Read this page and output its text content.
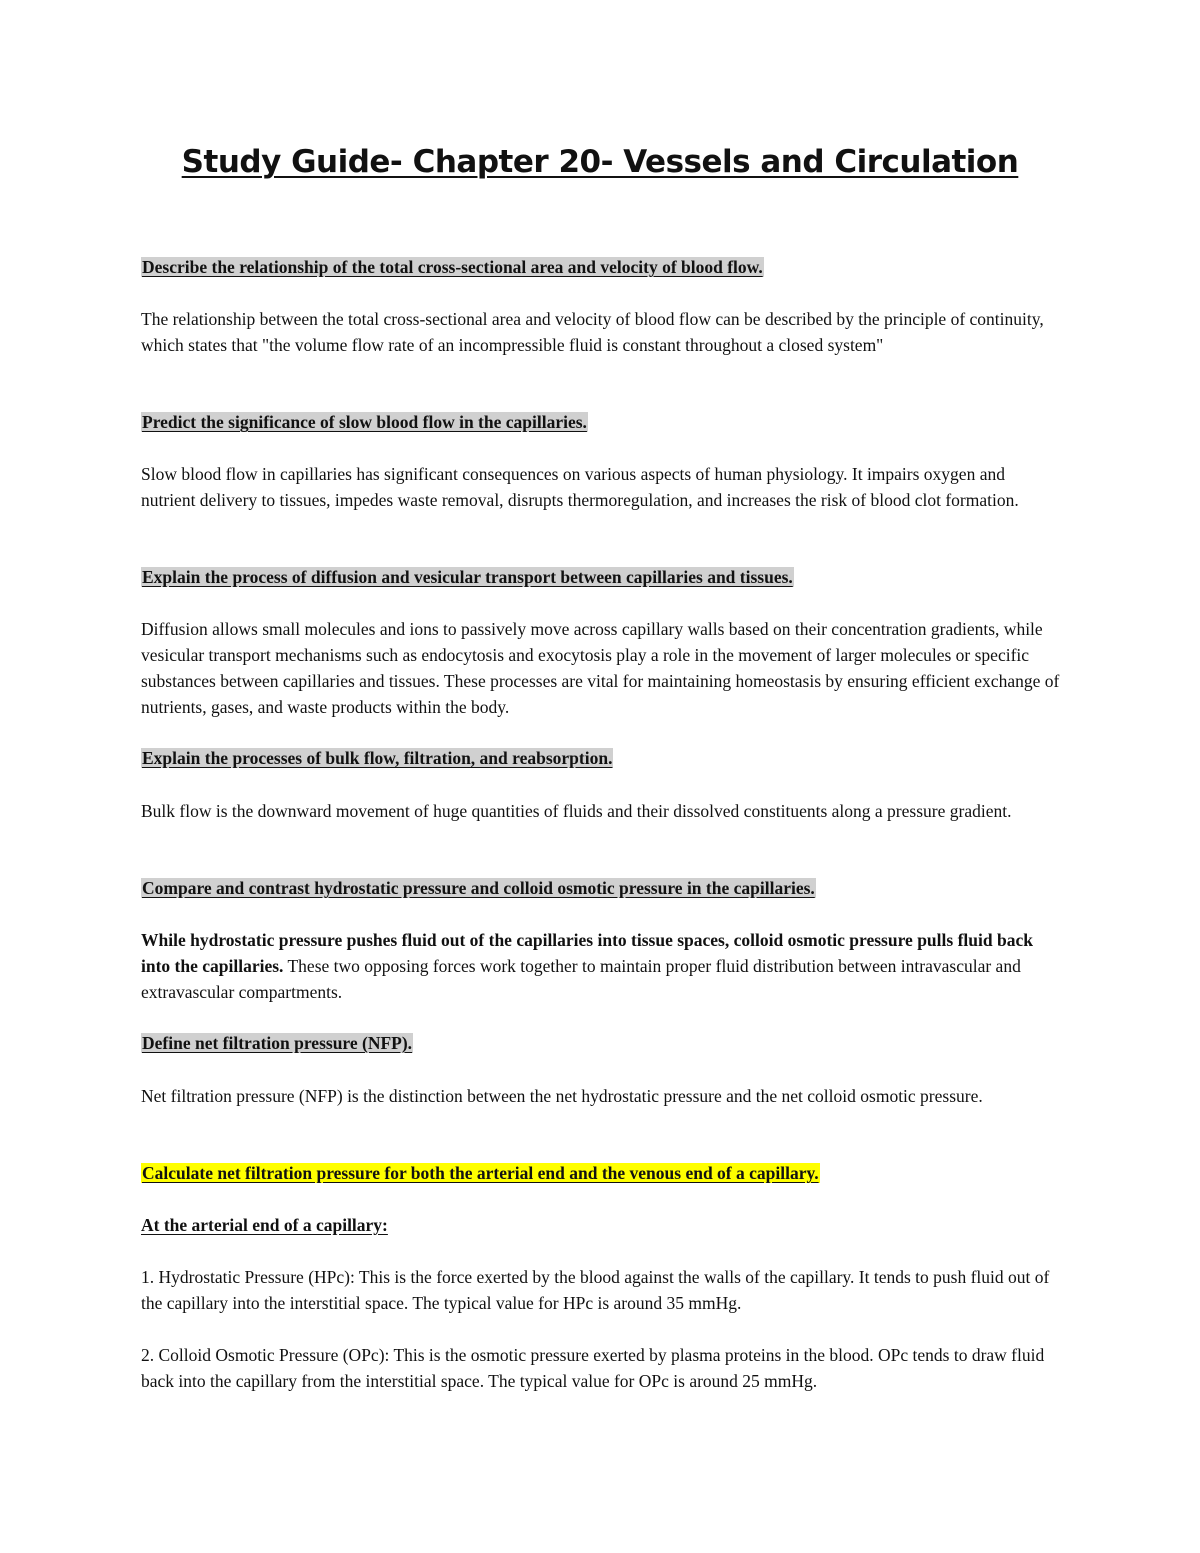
Study Guide- Chapter 20- Vessels and Circulation

Describe the relationship of the total cross-sectional area and velocity of blood flow.

The relationship between the total cross-sectional area and velocity of blood flow can be described by the principle of continuity, which states that "the volume flow rate of an incompressible fluid is constant throughout a closed system"

Predict the significance of slow blood flow in the capillaries.

Slow blood flow in capillaries has significant consequences on various aspects of human physiology. It impairs oxygen and nutrient delivery to tissues, impedes waste removal, disrupts thermoregulation, and increases the risk of blood clot formation.

Explain the process of diffusion and vesicular transport between capillaries and tissues.

Diffusion allows small molecules and ions to passively move across capillary walls based on their concentration gradients, while vesicular transport mechanisms such as endocytosis and exocytosis play a role in the movement of larger molecules or specific substances between capillaries and tissues. These processes are vital for maintaining homeostasis by ensuring efficient exchange of nutrients, gases, and waste products within the body.

Explain the processes of bulk flow, filtration, and reabsorption.

Bulk flow is the downward movement of huge quantities of fluids and their dissolved constituents along a pressure gradient.

Compare and contrast hydrostatic pressure and colloid osmotic pressure in the capillaries.

While hydrostatic pressure pushes fluid out of the capillaries into tissue spaces, colloid osmotic pressure pulls fluid back into the capillaries. These two opposing forces work together to maintain proper fluid distribution between intravascular and extravascular compartments.

Define net filtration pressure (NFP).

Net filtration pressure (NFP) is the distinction between the net hydrostatic pressure and the net colloid osmotic pressure.

Calculate net filtration pressure for both the arterial end and the venous end of a capillary.

At the arterial end of a capillary:

1. Hydrostatic Pressure (HPc): This is the force exerted by the blood against the walls of the capillary. It tends to push fluid out of the capillary into the interstitial space. The typical value for HPc is around 35 mmHg.

2. Colloid Osmotic Pressure (OPc): This is the osmotic pressure exerted by plasma proteins in the blood. OPc tends to draw fluid back into the capillary from the interstitial space. The typical value for OPc is around 25 mmHg.
